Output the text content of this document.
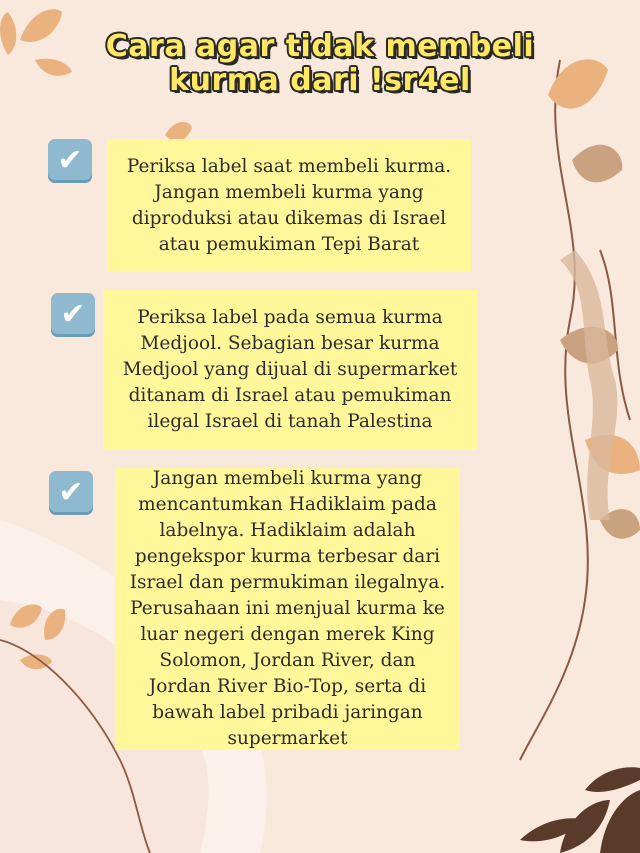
Cara agar tidak membeli
kurma dari !sr4el
✔	Periksa label saat membeli kurma. Jangan membeli kurma yang diproduksi atau dikemas di Israel atau pemukiman Tepi Barat

✔	Periksa label pada semua kurma Medjool. Sebagian besar kurma Medjool yang dijual di supermarket ditanam di Israel atau pemukiman ilegal Israel di tanah Palestina

✔	Jangan membeli kurma yang mencantumkan Hadiklaim pada labelnya. Hadiklaim adalah pengekspor kurma terbesar dari Israel dan permukiman ilegalnya. Perusahaan ini menjual kurma ke luar negeri dengan merek King Solomon, Jordan River, dan Jordan River Bio-Top, serta di bawah label pribadi jaringan supermarket
